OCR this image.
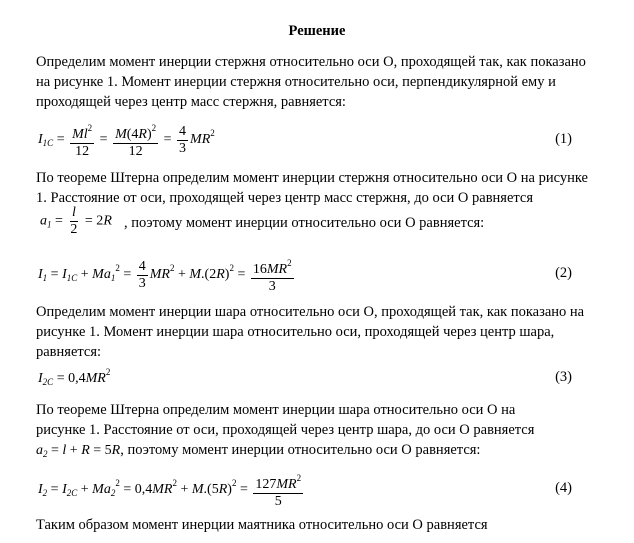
Решение

Определим момент инерции стержня относительно оси O, проходящей так, как показано на рисунке 1. Момент инерции стержня относительно оси, перпендикулярной ему и проходящей через центр масс стержня, равняется:

$I_{1C} = \frac{Ml^2}{12} = \frac{M(4R)^2}{12} = \frac{4}{3} MR^2$	(1)

По теореме Штерна определим момент инерции стержня относительно оси O на рисунке 1. Расстояние от оси, проходящей через центр масс стержня, до оси O равняется

$a_1 = \frac{l}{2} = 2R$ , поэтому момент инерции относительно оси O равняется:
$I_1 = I_{1C} + Ma_1^2 = \frac{4}{3} MR^2 + M.(2R)^2 = \frac{16MR^2}{3}$	(2)

Определим момент инерции шара относительно оси O, проходящей так, как показано на рисунке 1. Момент инерции шара относительно оси, проходящей через центр шара, равняется:

$I_{2C} = 0,4MR^2$	(3)

По теореме Штерна определим момент инерции шара относительно оси O на рисунке 1. Расстояние от оси, проходящей через центр шара, до оси O равняется $a_2 = l + R = 5R$, поэтому момент инерции относительно оси O равняется:

$I_2 = I_{2C} + Ma_2^2 = 0,4MR^2 + M.(5R)^2 = \frac{127MR^2}{5}$	(4)

Таким образом момент инерции маятника относительно оси O равняется
